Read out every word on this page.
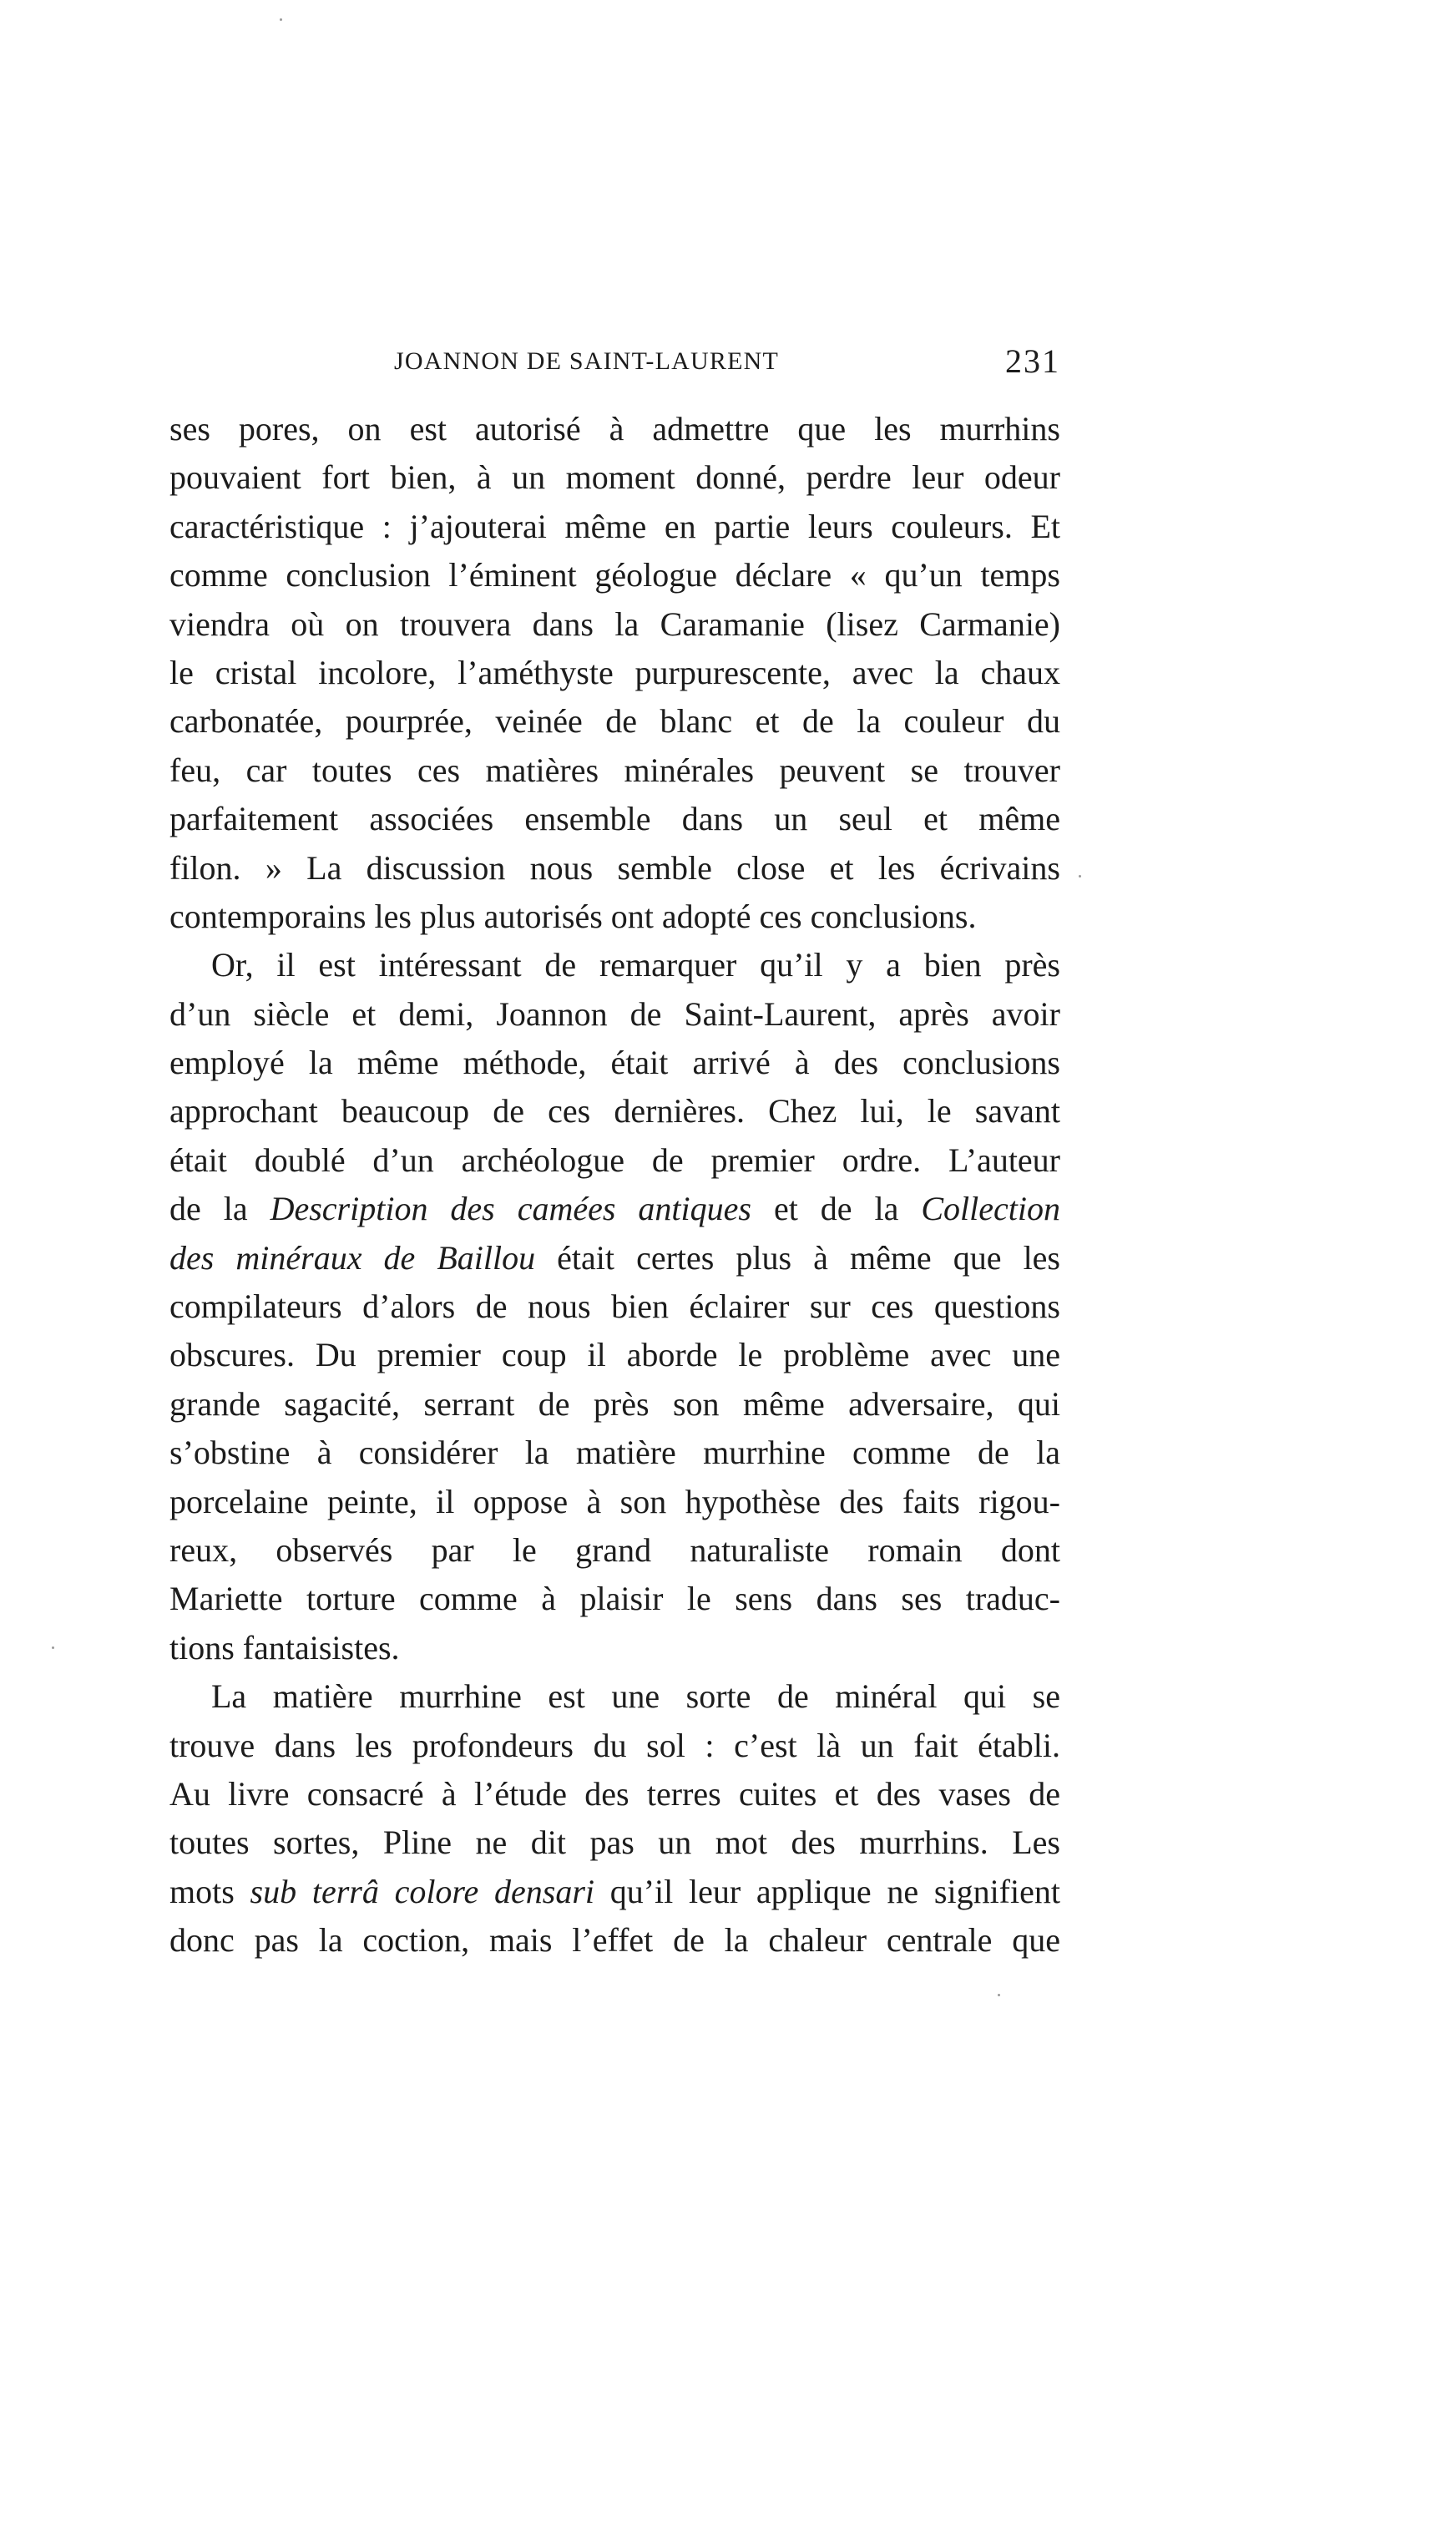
JOANNON DE SAINT-LAURENT	231
ses pores, on est autorisé à admettre que les murrhins
pouvaient fort bien, à un moment donné, perdre leur odeur
caractéristique : j’ajouterai même en partie leurs couleurs. Et
comme conclusion l’éminent géologue déclare « qu’un temps
viendra où on trouvera dans la Caramanie (lisez Carmanie)
le cristal incolore, l’améthyste purpurescente, avec la chaux
carbonatée, pourprée, veinée de blanc et de la couleur du
feu, car toutes ces matières minérales peuvent se trouver
parfaitement associées ensemble dans un seul et même
filon. » La discussion nous semble close et les écrivains
contemporains les plus autorisés ont adopté ces conclusions.
Or, il est intéressant de remarquer qu’il y a bien près
d’un siècle et demi, Joannon de Saint-Laurent, après avoir
employé la même méthode, était arrivé à des conclusions
approchant beaucoup de ces dernières. Chez lui, le savant
était doublé d’un archéologue de premier ordre. L’auteur
de la Description des camées antiques et de la Collection
des minéraux de Baillou était certes plus à même que les
compilateurs d’alors de nous bien éclairer sur ces questions
obscures. Du premier coup il aborde le problème avec une
grande sagacité, serrant de près son même adversaire, qui
s’obstine à considérer la matière murrhine comme de la
porcelaine peinte, il oppose à son hypothèse des faits rigou-
reux, observés par le grand naturaliste romain dont
Mariette torture comme à plaisir le sens dans ses traduc-
tions fantaisistes.
La matière murrhine est une sorte de minéral qui se
trouve dans les profondeurs du sol : c’est là un fait établi.
Au livre consacré à l’étude des terres cuites et des vases de
toutes sortes, Pline ne dit pas un mot des murrhins. Les
mots sub terrâ colore densari qu’il leur applique ne signifient
donc pas la coction, mais l’effet de la chaleur centrale que
